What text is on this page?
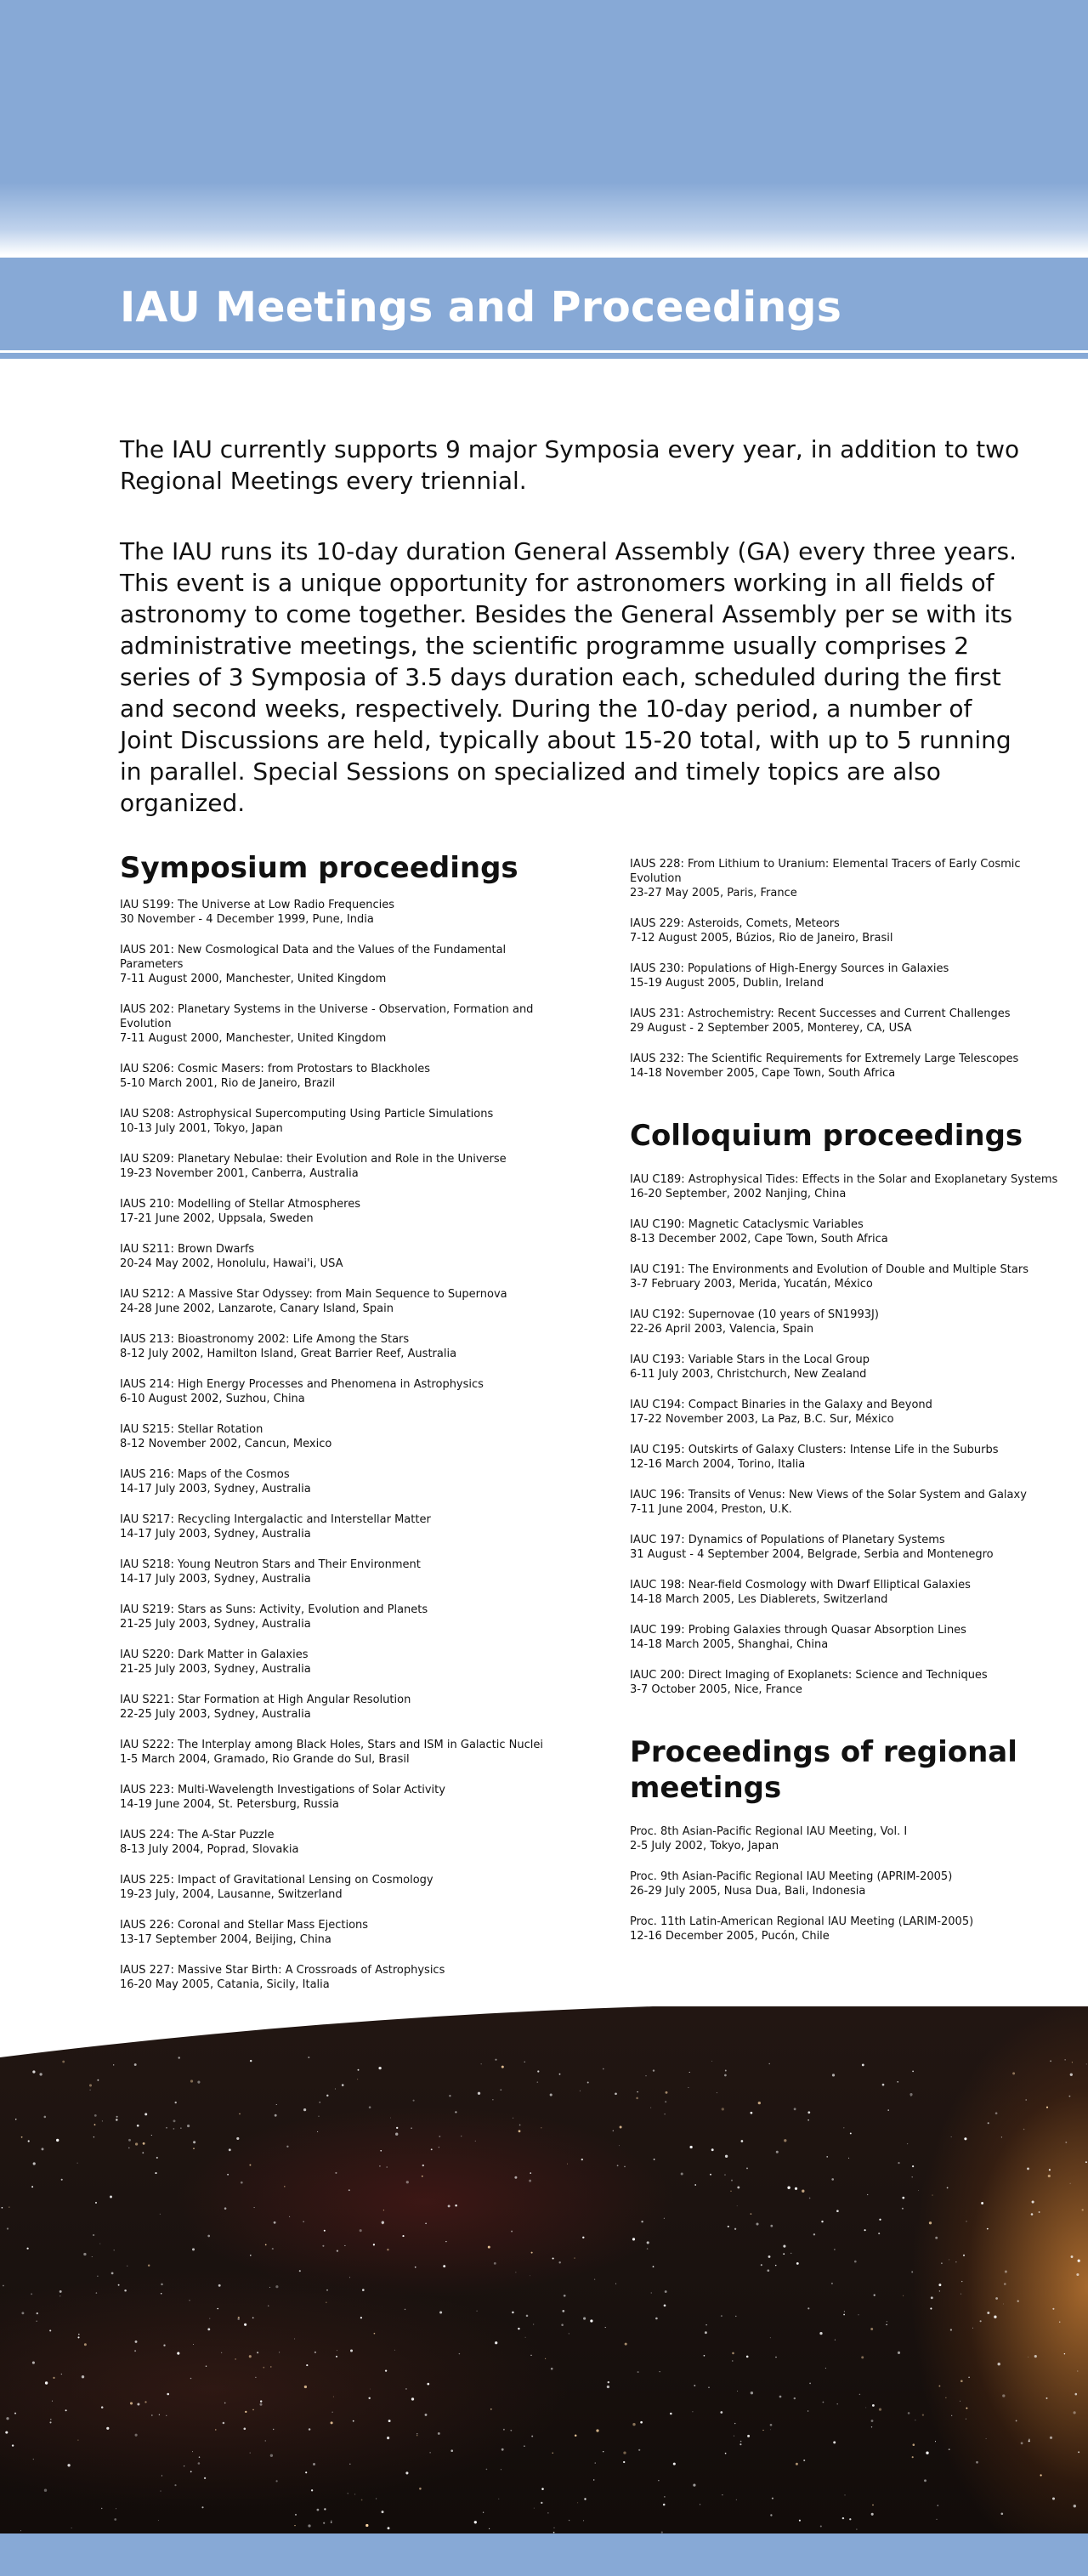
IAU Meetings and Proceedings

The IAU currently supports 9 major Symposia every year, in addition to two Regional Meetings every triennial.

The IAU runs its 10-day duration General Assembly (GA) every three years. This event is a unique opportunity for astronomers working in all fields of astronomy to come together. Besides the General Assembly per se with its administrative meetings, the scientific programme usually comprises 2 series of 3 Symposia of 3.5 days duration each, scheduled during the first and second weeks, respectively. During the 10-day period, a number of Joint Discussions are held, typically about 15-20 total, with up to 5 running in parallel. Special Sessions on specialized and timely topics are also organized.

Symposium proceedings
IAU S199: The Universe at Low Radio Frequencies
30 November - 4 December 1999, Pune, India
IAUS 201: New Cosmological Data and the Values of the Fundamental Parameters
7-11 August 2000, Manchester, United Kingdom
IAUS 202: Planetary Systems in the Universe - Observation, Formation and Evolution
7-11 August 2000, Manchester, United Kingdom
IAU S206: Cosmic Masers: from Protostars to Blackholes
5-10 March 2001, Rio de Janeiro, Brazil
IAU S208: Astrophysical Supercomputing Using Particle Simulations
10-13 July 2001, Tokyo, Japan
IAU S209: Planetary Nebulae: their Evolution and Role in the Universe
19-23 November 2001, Canberra, Australia
IAUS 210: Modelling of Stellar Atmospheres
17-21 June 2002, Uppsala, Sweden
IAU S211: Brown Dwarfs
20-24 May 2002, Honolulu, Hawai'i, USA
IAU S212: A Massive Star Odyssey: from Main Sequence to Supernova
24-28 June 2002, Lanzarote, Canary Island, Spain
IAUS 213: Bioastronomy 2002: Life Among the Stars
8-12 July 2002, Hamilton Island, Great Barrier Reef, Australia
IAUS 214: High Energy Processes and Phenomena in Astrophysics
6-10 August 2002, Suzhou, China
IAU S215: Stellar Rotation
8-12 November 2002, Cancun, Mexico
IAUS 216: Maps of the Cosmos
14-17 July 2003, Sydney, Australia
IAU S217: Recycling Intergalactic and Interstellar Matter
14-17 July 2003, Sydney, Australia
IAU S218: Young Neutron Stars and Their Environment
14-17 July 2003, Sydney, Australia
IAU S219: Stars as Suns: Activity, Evolution and Planets
21-25 July 2003, Sydney, Australia
IAU S220: Dark Matter in Galaxies
21-25 July 2003, Sydney, Australia
IAU S221: Star Formation at High Angular Resolution
22-25 July 2003, Sydney, Australia
IAU S222: The Interplay among Black Holes, Stars and ISM in Galactic Nuclei
1-5 March 2004, Gramado, Rio Grande do Sul, Brasil
IAUS 223: Multi-Wavelength Investigations of Solar Activity
14-19 June 2004, St. Petersburg, Russia
IAUS 224: The A-Star Puzzle
8-13 July 2004, Poprad, Slovakia
IAUS 225: Impact of Gravitational Lensing on Cosmology
19-23 July, 2004, Lausanne, Switzerland
IAUS 226: Coronal and Stellar Mass Ejections
13-17 September 2004, Beijing, China
IAUS 227: Massive Star Birth: A Crossroads of Astrophysics
16-20 May 2005, Catania, Sicily, Italia
IAUS 228: From Lithium to Uranium: Elemental Tracers of Early Cosmic Evolution
23-27 May 2005, Paris, France
IAUS 229: Asteroids, Comets, Meteors
7-12 August 2005, Búzios, Rio de Janeiro, Brasil
IAUS 230: Populations of High-Energy Sources in Galaxies
15-19 August 2005, Dublin, Ireland
IAUS 231: Astrochemistry: Recent Successes and Current Challenges
29 August - 2 September 2005, Monterey, CA, USA
IAUS 232: The Scientific Requirements for Extremely Large Telescopes
14-18 November 2005, Cape Town, South Africa
Colloquium proceedings
IAU C189: Astrophysical Tides: Effects in the Solar and Exoplanetary Systems
16-20 September, 2002 Nanjing, China
IAU C190: Magnetic Cataclysmic Variables
8-13 December 2002, Cape Town, South Africa
IAU C191: The Environments and Evolution of Double and Multiple Stars
3-7 February 2003, Merida, Yucatán, México
IAU C192: Supernovae (10 years of SN1993J)
22-26 April 2003, Valencia, Spain
IAU C193: Variable Stars in the Local Group
6-11 July 2003, Christchurch, New Zealand
IAU C194: Compact Binaries in the Galaxy and Beyond
17-22 November 2003, La Paz, B.C. Sur, México
IAU C195: Outskirts of Galaxy Clusters: Intense Life in the Suburbs
12-16 March 2004, Torino, Italia
IAUC 196: Transits of Venus: New Views of the Solar System and Galaxy
7-11 June 2004, Preston, U.K.
IAUC 197: Dynamics of Populations of Planetary Systems
31 August - 4 September 2004, Belgrade, Serbia and Montenegro
IAUC 198: Near-field Cosmology with Dwarf Elliptical Galaxies
14-18 March 2005, Les Diablerets, Switzerland
IAUC 199: Probing Galaxies through Quasar Absorption Lines
14-18 March 2005, Shanghai, China
IAUC 200: Direct Imaging of Exoplanets: Science and Techniques
3-7 October 2005, Nice, France
Proceedings of regional meetings
Proc. 8th Asian-Pacific Regional IAU Meeting, Vol. I
2-5 July 2002, Tokyo, Japan
Proc. 9th Asian-Pacific Regional IAU Meeting (APRIM-2005)
26-29 July 2005, Nusa Dua, Bali, Indonesia
Proc. 11th Latin-American Regional IAU Meeting (LARIM-2005)
12-16 December 2005, Pucón, Chile
